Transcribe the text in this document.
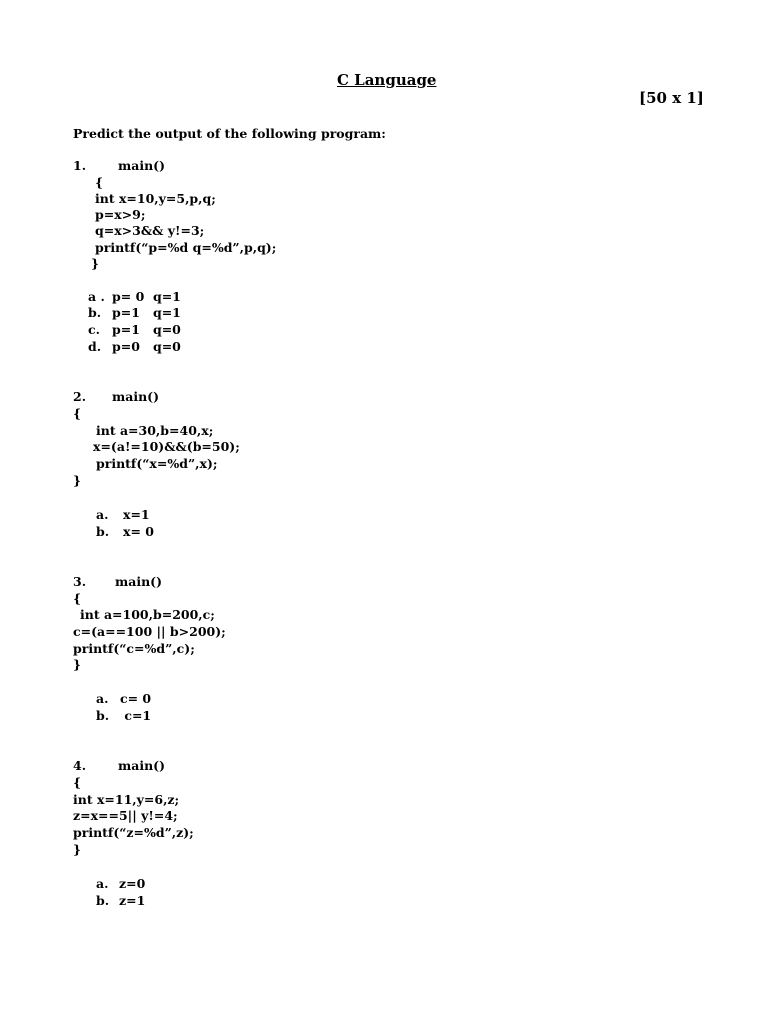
C Language
[50 x 1]
Predict the output of the following program:
1.	main()
{
int x=10,y=5,p,q;
p=x>9;
q=x>3&& y!=3;
printf(“p=%d q=%d”,p,q);
}
a . p= 0  q=1
b. p=1   q=1
c. p=1   q=0
d. p=0   q=0
2. main()
{
int a=30,b=40,x;
x=(a!=10)&&(b=50);
printf(“x=%d”,x);
}
a. x=1
b. x= 0
3. main()
{
int a=100,b=200,c;
c=(a==100 || b>200);
printf(“c=%d”,c);
}
a. c= 0
b. c=1
4.	main()
{
int x=11,y=6,z;
z=x==5|| y!=4;
printf(“z=%d”,z);
}
a. z=0
b. z=1
